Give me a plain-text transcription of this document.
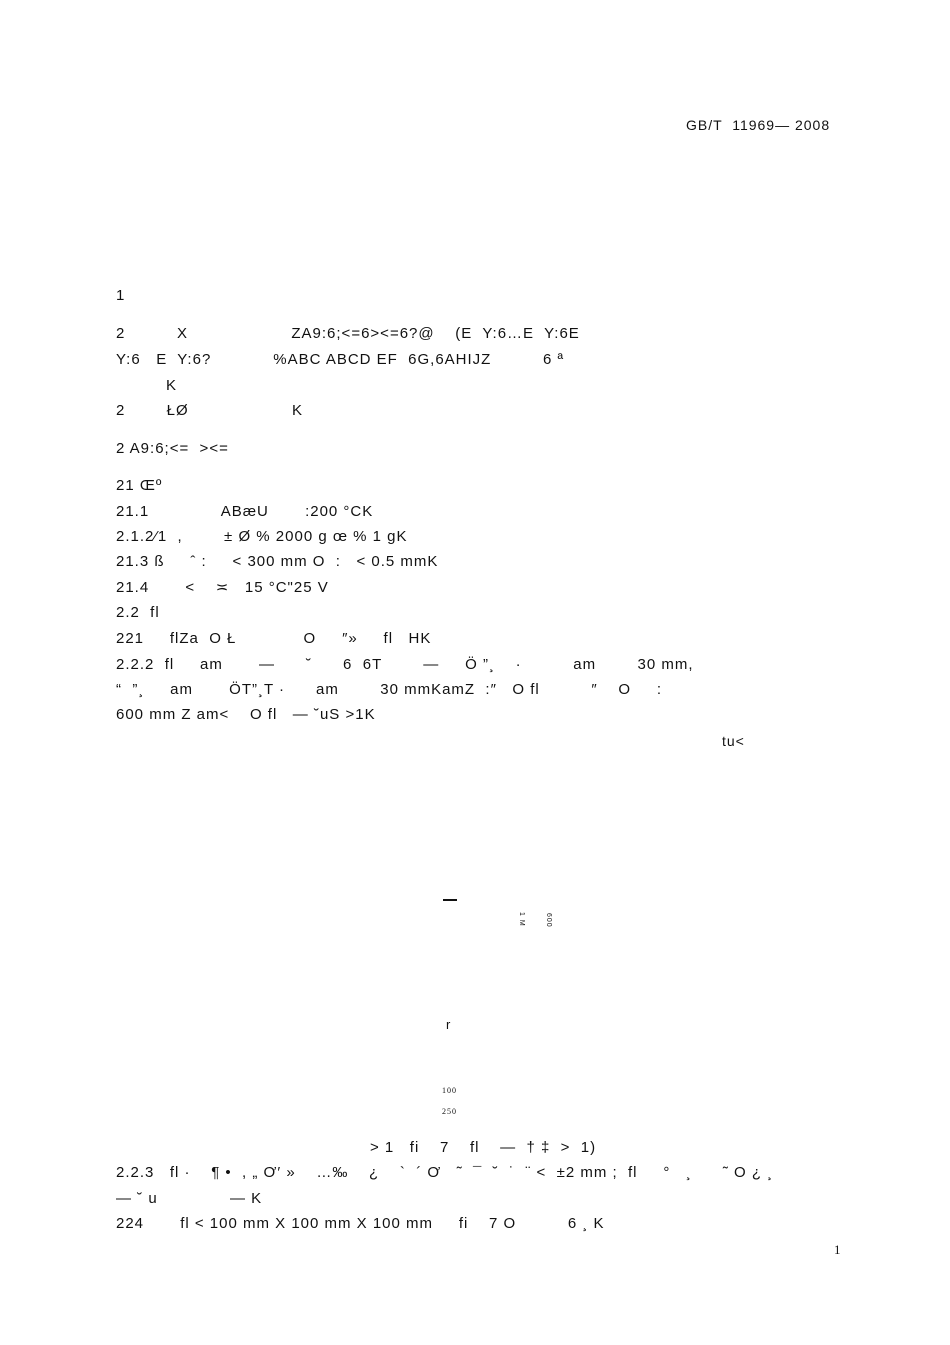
GB/T  11969— 2008
1
2          X                    ZA9:6;<=6><=6?@    (E  Y:6…E  Y:6E
Y:6   E  Y:6?            %ABC ABCD EF  6G,6AHIJZ          6 ª
K
2        ŁØ                    K
2 A9:6;<=  ><=
21 Œº
21.1              ABæU       :200 °CK
2.1.2⁄1  ,        ± Ø % 2000 g œ % 1 gK
21.3 ß     ˆ :     < 300 mm O  :   < 0.5 mmK
21.4       <    ≍   15 °C"25 V
2.2  fl
221     flZa  O Ł             O     ″»     fl   HK
2.2.2  fl     am       —      ˘      6  6T        —     Ö ”¸    ·          am        30 mm,
“  ”¸     am       ÖT”¸T ·      am        30 mmKamZ  :″   O fl          ″    O     :
600 mm Z am<    O fl   — ˘uS >1K
tu<
1 M	600
r
100
250
> 1   fi    7    fl    —  † ‡  >  1)
2.2.3   fl ·    ¶ •  , „ Ơ′ »    …‰    ¿    `  ´ Ơ   ˜  ¯  ˘  ˙  ¨ <  ±2 mm ;  fl     °   ¸      ˜ O ¿ ¸
— ˘ u              — K
224       fl < 100 mm X 100 mm X 100 mm     fi    7 O          6 ¸ K
1
